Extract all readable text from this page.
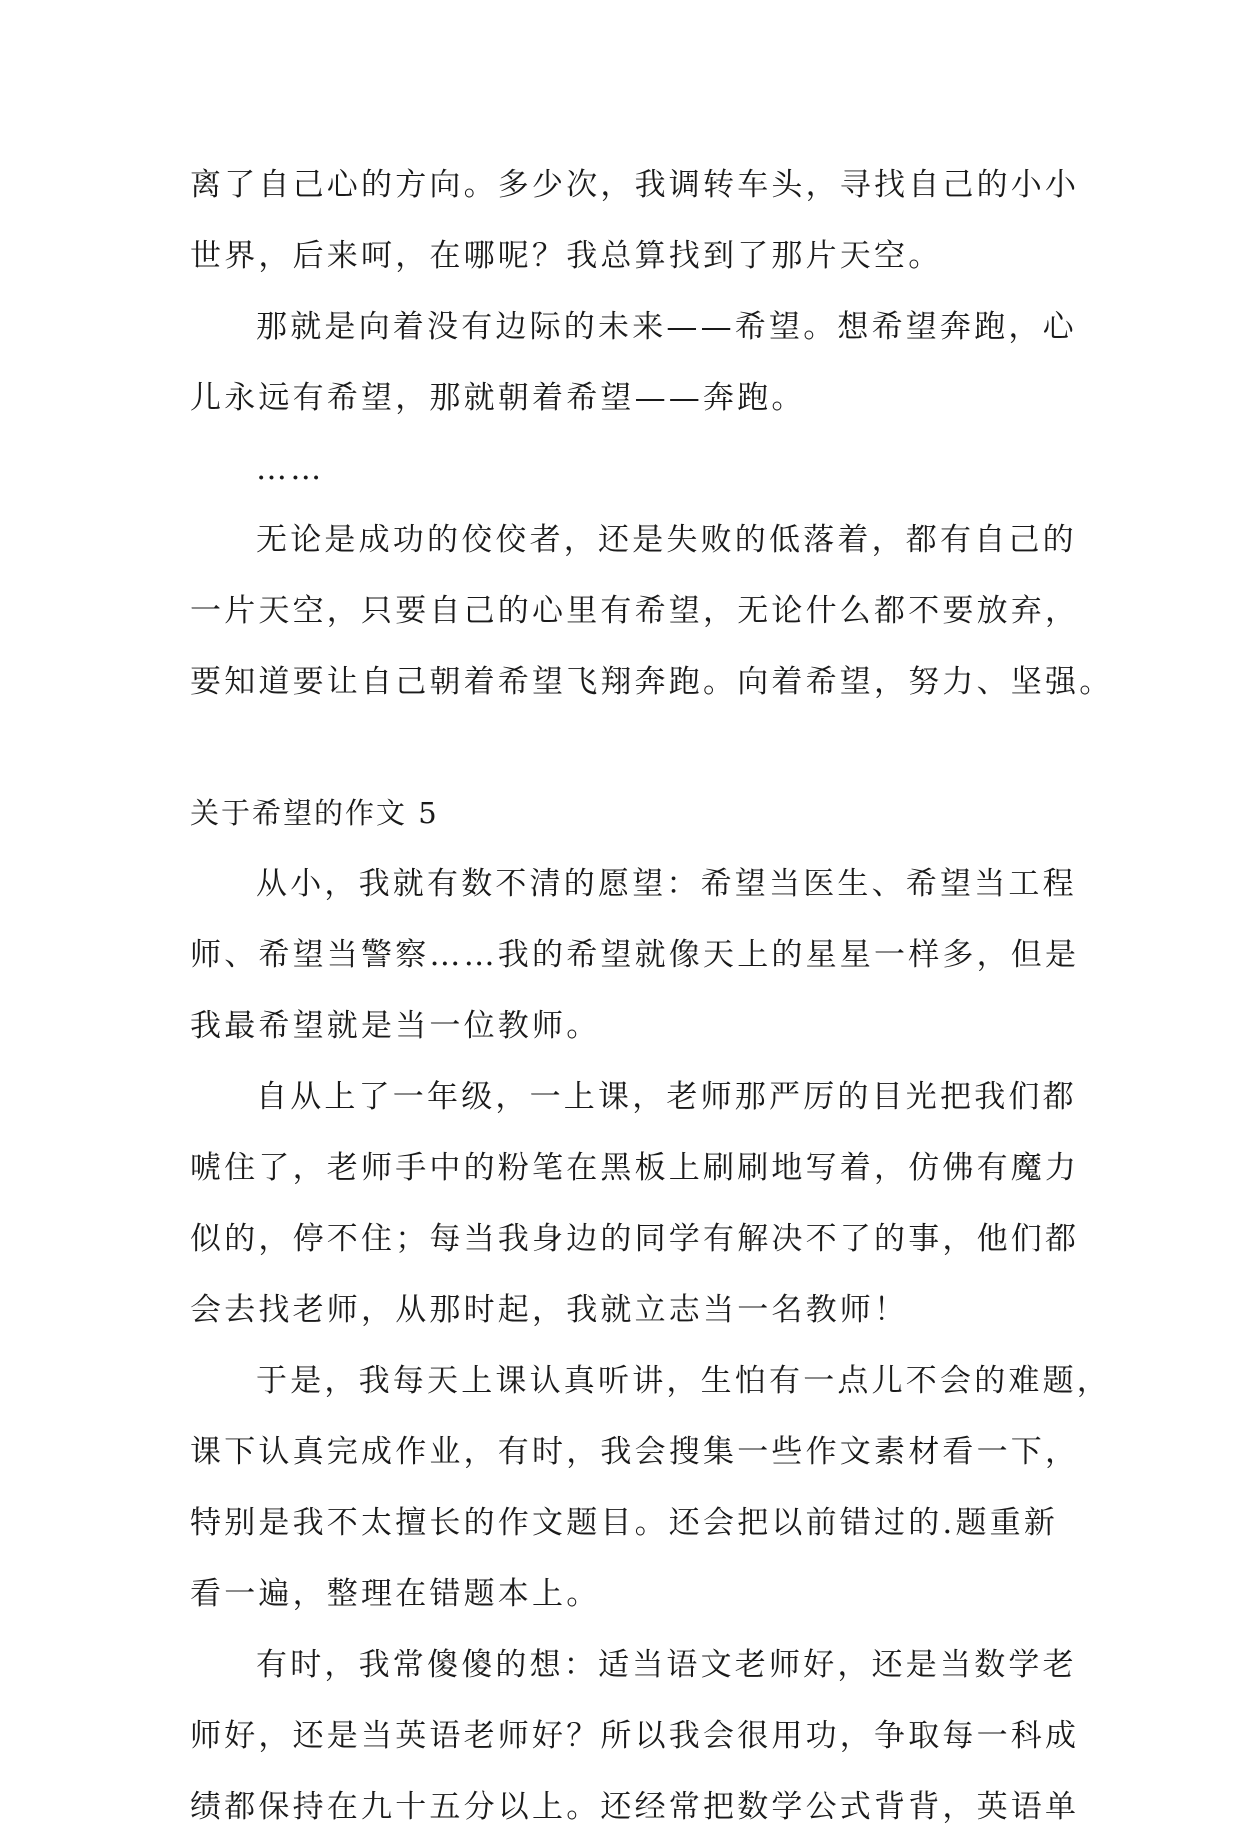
离了自己心的方向。多少次，我调转车头，寻找自己的小小
世界，后来呵，在哪呢？我总算找到了那片天空。
那就是向着没有边际的未来——希望。想希望奔跑，心
儿永远有希望，那就朝着希望——奔跑。
……
无论是成功的佼佼者，还是失败的低落着，都有自己的
一片天空，只要自己的心里有希望，无论什么都不要放弃，
要知道要让自己朝着希望飞翔奔跑。向着希望，努力、坚强。
关于希望的作文 5
从小，我就有数不清的愿望：希望当医生、希望当工程
师、希望当警察……我的希望就像天上的星星一样多，但是
我最希望就是当一位教师。
自从上了一年级，一上课，老师那严厉的目光把我们都
唬住了，老师手中的粉笔在黑板上刷刷地写着，仿佛有魔力
似的，停不住；每当我身边的同学有解决不了的事，他们都
会去找老师，从那时起，我就立志当一名教师！
于是，我每天上课认真听讲，生怕有一点儿不会的难题，
课下认真完成作业，有时，我会搜集一些作文素材看一下，
特别是我不太擅长的作文题目。还会把以前错过的.题重新
看一遍，整理在错题本上。
有时，我常傻傻的想：适当语文老师好，还是当数学老
师好，还是当英语老师好？所以我会很用功，争取每一科成
绩都保持在九十五分以上。还经常把数学公式背背，英语单
